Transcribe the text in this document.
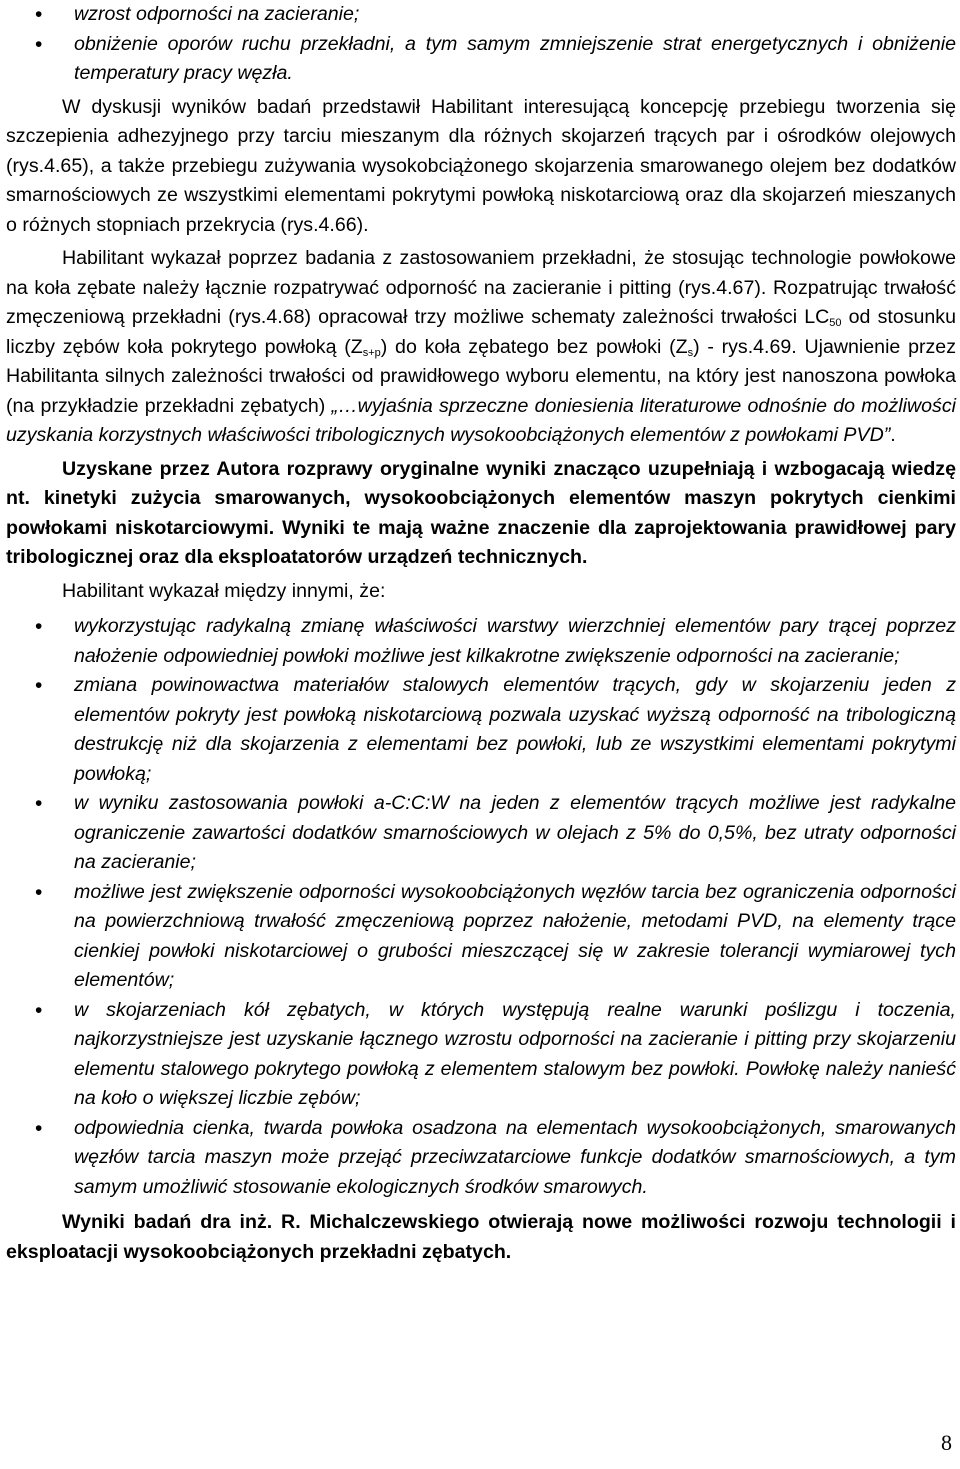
• wzrost odporności na zacieranie;
• obniżenie oporów ruchu przekładni, a tym samym zmniejszenie strat energetycznych i obniżenie temperatury pracy węzła.

W dyskusji wyników badań przedstawił Habilitant interesującą koncepcję przebiegu tworzenia się szczepienia adhezyjnego przy tarciu mieszanym dla różnych skojarzeń trących par i ośrodków olejowych (rys.4.65), a także przebiegu zużywania wysokobciążonego skojarzenia smarowanego olejem bez dodatków smarnościowych ze wszystkimi elementami pokrytymi powłoką niskotarciową oraz dla skojarzeń mieszanych o różnych stopniach przekrycia (rys.4.66).

Habilitant wykazał poprzez badania z zastosowaniem przekładni, że stosując technologie powłokowe na koła zębate należy łącznie rozpatrywać odporność na zacieranie i pitting (rys.4.67). Rozpatrując trwałość zmęczeniową przekładni (rys.4.68) opracował trzy możliwe schematy zależności trwałości $LC_{50}$ od stosunku liczby zębów koła pokrytego powłoką $(Z_{s+p})$ do koła zębatego bez powłoki $(Z_s) - rys.4.69$. Ujawnienie przez Habilitanta silnych zależności trwałości od prawidłowego wyboru elementu, na który jest nanoszona powłoka (na przykładzie przekładni zębatych) „…wyjaśnia sprzeczne doniesienia literaturowe odnośnie do możliwości uzyskania korzystnych właściwości tribologicznych wysokoobciążonych elementów z powłokami PVD”.

Uzyskane przez Autora rozprawy oryginalne wyniki znacząco uzupełniają i wzbogacają wiedzę nt. kinetyki zużycia smarowanych, wysokoobciążonych elementów maszyn pokrytych cienkimi powłokami niskotarciowymi. Wyniki te mają ważne znaczenie dla zaprojektowania prawidłowej pary tribologicznej oraz dla eksploatatorów urządzeń technicznych.

Habilitant wykazał między innymi, że:

• wykorzystując radykalną zmianę właściwości warstwy wierzchniej elementów pary trącej poprzez nałożenie odpowiedniej powłoki możliwe jest kilkakrotne zwiększenie odporności na zacieranie;
• zmiana powinowactwa materiałów stalowych elementów trących, gdy w skojarzeniu jeden z elementów pokryty jest powłoką niskotarciową pozwala uzyskać wyższą odporność na tribologiczną destrukcję niż dla skojarzenia z elementami bez powłoki, lub ze wszystkimi elementami pokrytymi powłoką;
• w wyniku zastosowania powłoki a-C:C:W na jeden z elementów trących możliwe jest radykalne ograniczenie zawartości dodatków smarnościowych w olejach z 5% do 0,5%, bez utraty odporności na zacieranie;
• możliwe jest zwiększenie odporności wysokoobciążonych węzłów tarcia bez ograniczenia odporności na powierzchniową trwałość zmęczeniową poprzez nałożenie, metodami PVD, na elementy trące cienkiej powłoki niskotarciowej o grubości mieszczącej się w zakresie tolerancji wymiarowej tych elementów;
• w skojarzeniach kół zębatych, w których występują realne warunki poślizgu i toczenia, najkorzystniejsze jest uzyskanie łącznego wzrostu odporności na zacieranie i pitting przy skojarzeniu elementu stalowego pokrytego powłoką z elementem stalowym bez powłoki. Powłokę należy nanieść na koło o większej liczbie zębów;
• odpowiednia cienka, twarda powłoka osadzona na elementach wysokoobciążonych, smarowanych węzłów tarcia maszyn może przejąć przeciwzatarciowe funkcje dodatków smarnościowych, a tym samym umożliwić stosowanie ekologicznych środków smarowych.

Wyniki badań dra inż. R. Michalczewskiego otwierają nowe możliwości rozwoju technologii i eksploatacji wysokoobciążonych przekładni zębatych.

8
